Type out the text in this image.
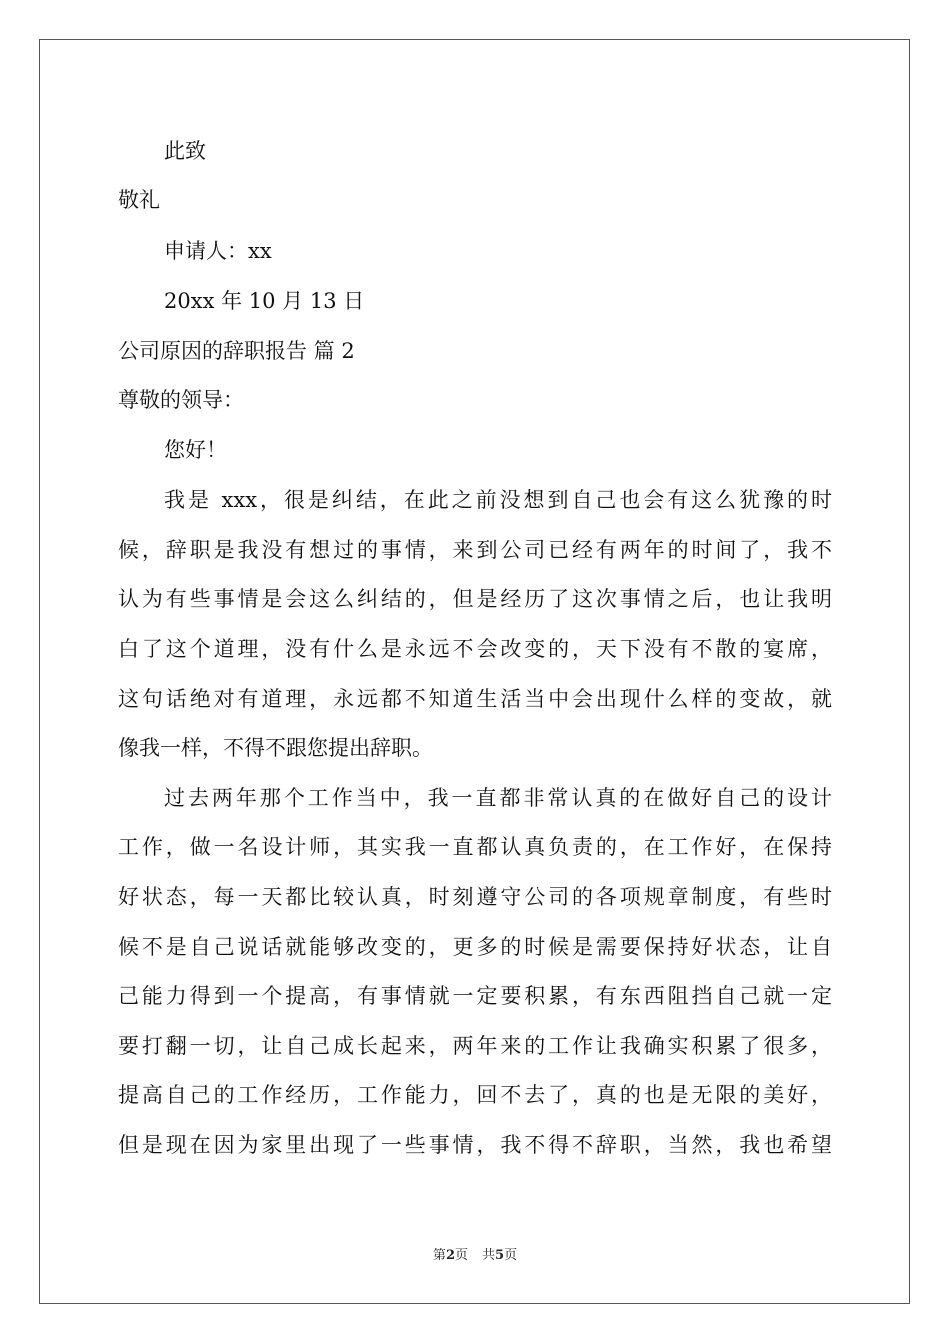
此致
敬礼
申请人：xx
20xx 年 10 月 13 日
公司原因的辞职报告 篇 2
尊敬的领导：
您好！
我是 xxx，很是纠结，在此之前没想到自己也会有这么犹豫的时
候，辞职是我没有想过的事情，来到公司已经有两年的时间了，我不
认为有些事情是会这么纠结的，但是经历了这次事情之后，也让我明
白了这个道理，没有什么是永远不会改变的，天下没有不散的宴席，
这句话绝对有道理，永远都不知道生活当中会出现什么样的变故，就
像我一样，不得不跟您提出辞职。
过去两年那个工作当中，我一直都非常认真的在做好自己的设计
工作，做一名设计师，其实我一直都认真负责的，在工作好，在保持
好状态，每一天都比较认真，时刻遵守公司的各项规章制度，有些时
候不是自己说话就能够改变的，更多的时候是需要保持好状态，让自
己能力得到一个提高，有事情就一定要积累，有东西阻挡自己就一定
要打翻一切，让自己成长起来，两年来的工作让我确实积累了很多，
提高自己的工作经历，工作能力，回不去了，真的也是无限的美好，
但是现在因为家里出现了一些事情，我不得不辞职，当然，我也希望
第2页 共5页
